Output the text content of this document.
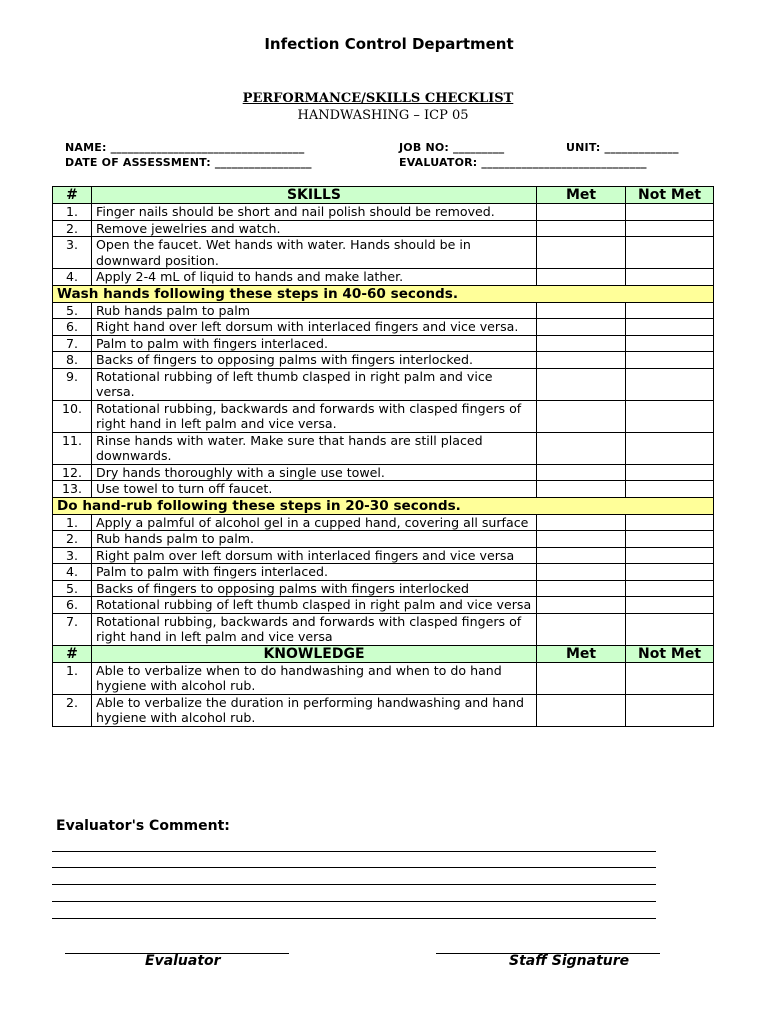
Infection Control Department
PERFORMANCE/SKILLS CHECKLIST
HANDWASHING – ICP 05
NAME: __________________________________	JOB NO: _________	UNIT: _____________
DATE OF ASSESSMENT: _________________	EVALUATOR: _____________________________
#	SKILLS	Met	Not Met
1.	Finger nails should be short and nail polish should be removed.		
2.	Remove jewelries and watch.		
3.	Open the faucet. Wet hands with water. Hands should be in downward position.		
4.	Apply 2-4 mL of liquid to hands and make lather.		
Wash hands following these steps in 40-60 seconds.			
5.	Rub hands palm to palm		
6.	Right hand over left dorsum with interlaced fingers and vice versa.		
7.	Palm to palm with fingers interlaced.		
8.	Backs of fingers to opposing palms with fingers interlocked.		
9.	Rotational rubbing of left thumb clasped in right palm and vice versa.		
10.	Rotational rubbing, backwards and forwards with clasped fingers of right hand in left palm and vice versa.		
11.	Rinse hands with water. Make sure that hands are still placed downwards.		
12.	Dry hands thoroughly with a single use towel.		
13.	Use towel to turn off faucet.		
Do hand-rub following these steps in 20-30 seconds.			
1.	Apply a palmful of alcohol gel in a cupped hand, covering all surface		
2.	Rub hands palm to palm.		
3.	Right palm over left dorsum with interlaced fingers and vice versa		
4.	Palm to palm with fingers interlaced.		
5.	Backs of fingers to opposing palms with fingers interlocked		
6.	Rotational rubbing of left thumb clasped in right palm and vice versa		
7.	Rotational rubbing, backwards and forwards with clasped fingers of right hand in left palm and vice versa		
#	KNOWLEDGE	Met	Not Met
1.	Able to verbalize when to do handwashing and when to do hand hygiene with alcohol rub.		
2.	Able to verbalize the duration in performing handwashing and hand hygiene with alcohol rub.		
Evaluator's Comment:
Evaluator	Staff Signature
